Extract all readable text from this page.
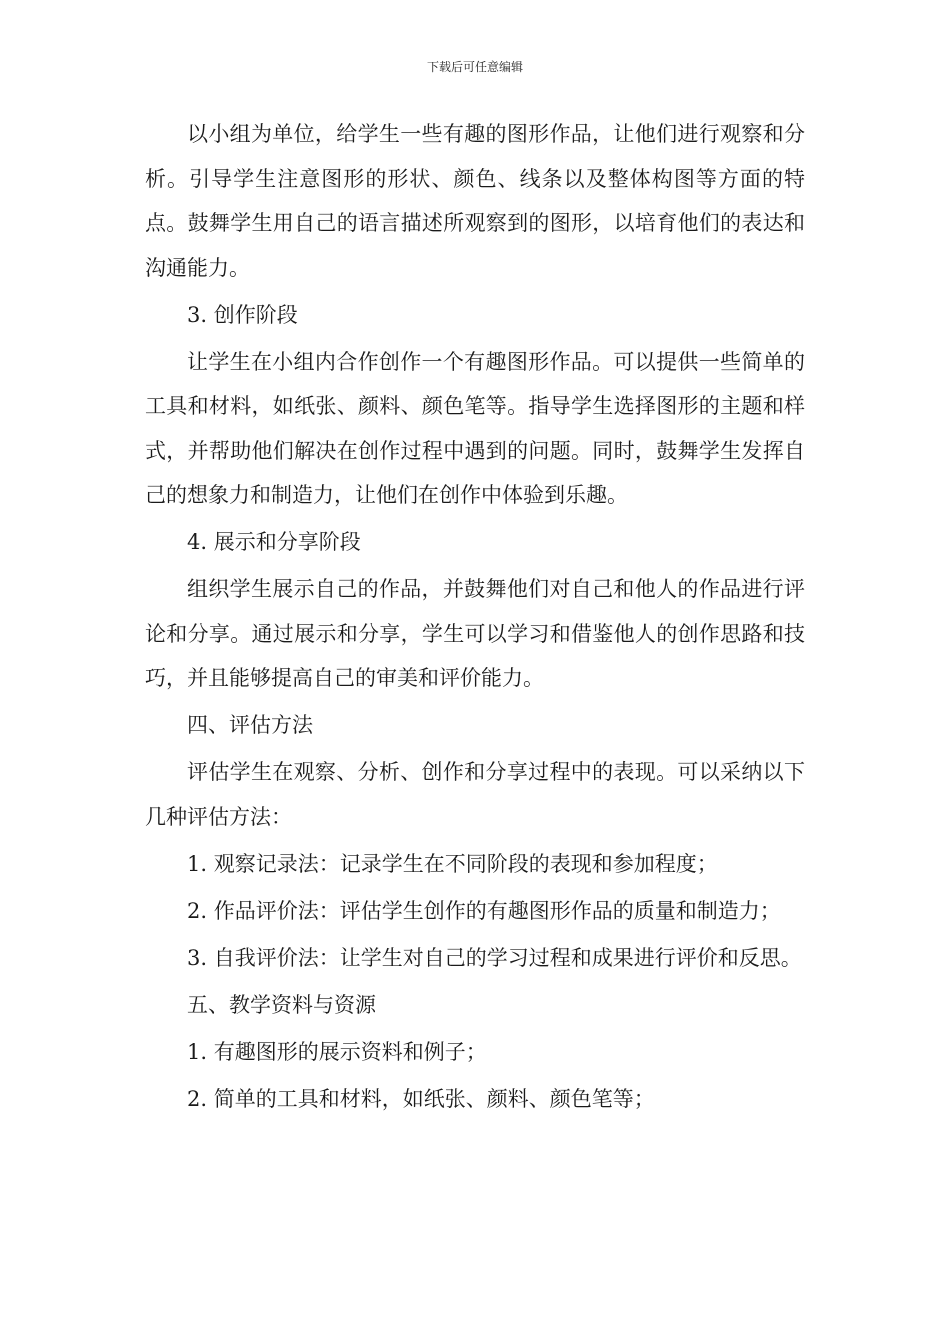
下载后可任意编辑

以小组为单位，给学生一些有趣的图形作品，让他们进行观察和分析。引导学生注意图形的形状、颜色、线条以及整体构图等方面的特点。鼓舞学生用自己的语言描述所观察到的图形，以培育他们的表达和沟通能力。

3. 创作阶段

让学生在小组内合作创作一个有趣图形作品。可以提供一些简单的工具和材料，如纸张、颜料、颜色笔等。指导学生选择图形的主题和样式，并帮助他们解决在创作过程中遇到的问题。同时，鼓舞学生发挥自己的想象力和制造力，让他们在创作中体验到乐趣。

4. 展示和分享阶段

组织学生展示自己的作品，并鼓舞他们对自己和他人的作品进行评论和分享。通过展示和分享，学生可以学习和借鉴他人的创作思路和技巧，并且能够提高自己的审美和评价能力。

四、评估方法

评估学生在观察、分析、创作和分享过程中的表现。可以采纳以下几种评估方法：

1. 观察记录法：记录学生在不同阶段的表现和参加程度；

2. 作品评价法：评估学生创作的有趣图形作品的质量和制造力；

3. 自我评价法：让学生对自己的学习过程和成果进行评价和反思。

五、教学资料与资源

1. 有趣图形的展示资料和例子；

2. 简单的工具和材料，如纸张、颜料、颜色笔等；
